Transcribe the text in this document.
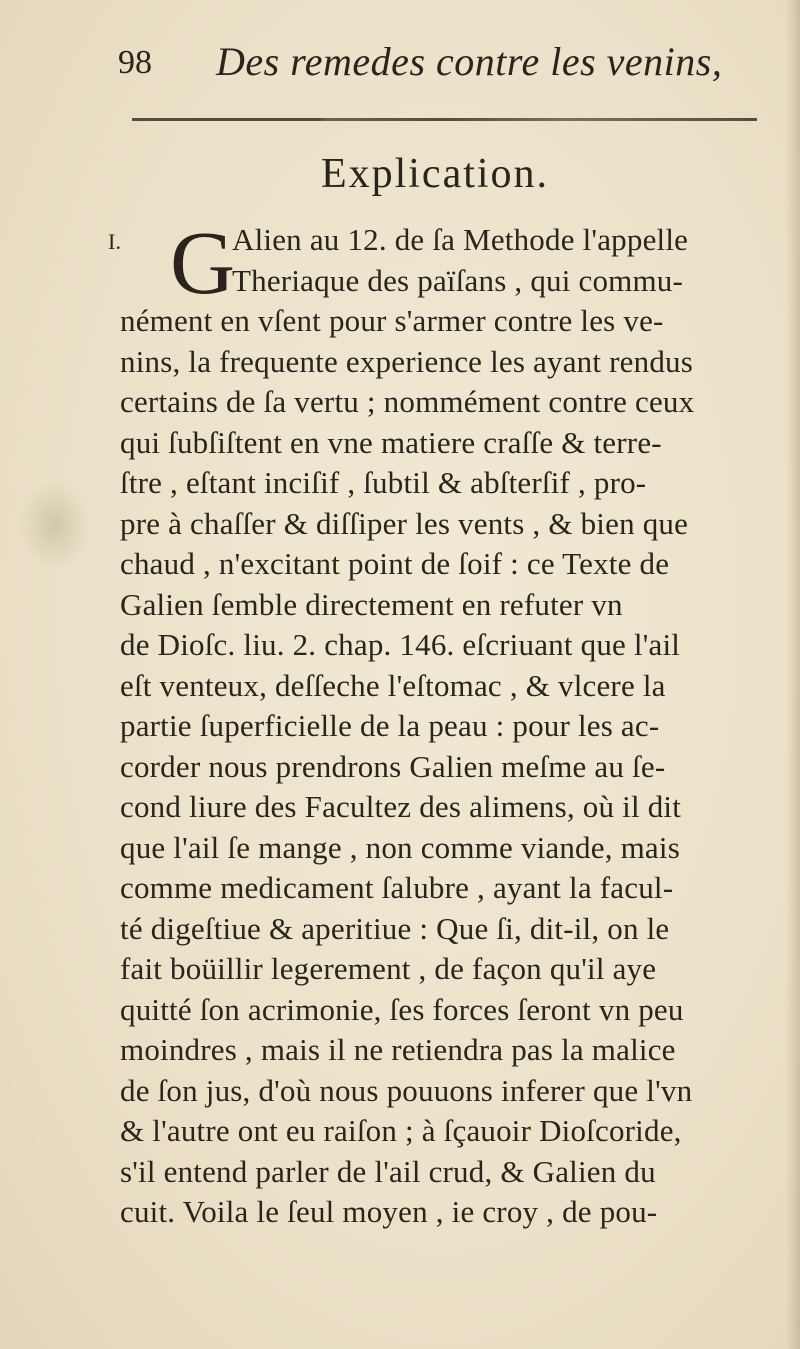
98 Des remedes contre les venins,
Explication.
I. G
Alien au 12. de ſa Methode l'appelle
Theriaque des païſans , qui commu-
nément en vſent pour s'armer contre les ve-
nins, la frequente experience les ayant rendus
certains de ſa vertu ; nommément contre ceux
qui ſubſiſtent en vne matiere craſſe & terre-
ſtre , eſtant inciſif , ſubtil & abſterſif , pro-
pre à chaſſer & diſſiper les vents , & bien que
chaud , n'excitant point de ſoif : ce Texte de
Galien ſemble directement en refuter vn
de Dioſc. liu. 2. chap. 146. eſcriuant que l'ail
eſt venteux, deſſeche l'eſtomac , & vlcere la
partie ſuperficielle de la peau : pour les ac-
corder nous prendrons Galien meſme au ſe-
cond liure des Facultez des alimens, où il dit
que l'ail ſe mange , non comme viande, mais
comme medicament ſalubre , ayant la facul-
té digeſtiue & aperitiue : Que ſi, dit-il, on le
fait boüillir legerement , de façon qu'il aye
quitté ſon acrimonie, ſes forces ſeront vn peu
moindres , mais il ne retiendra pas la malice
de ſon jus, d'où nous pouuons inferer que l'vn
& l'autre ont eu raiſon ; à ſçauoir Dioſcoride,
s'il entend parler de l'ail crud, & Galien du
cuit. Voila le ſeul moyen , ie croy , de pou-
